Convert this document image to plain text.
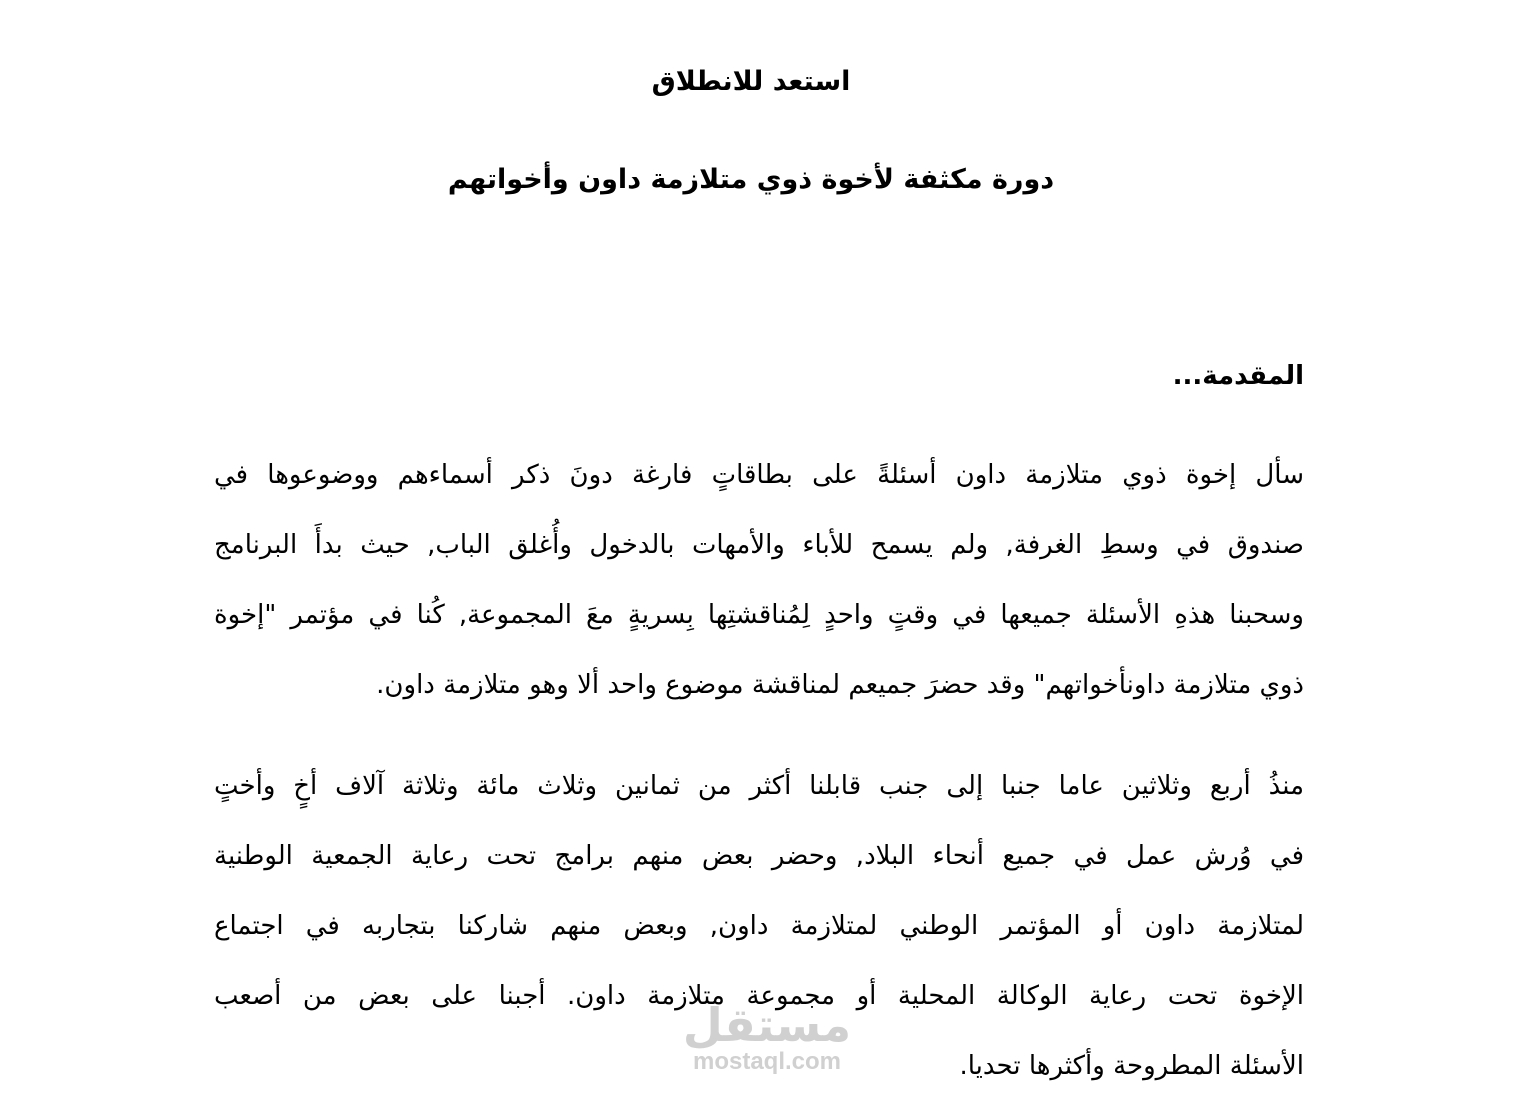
استعد للانطلاق
دورة مكثفة لأخوة ذوي متلازمة داون وأخواتهم
المقدمة...

سأل إخوة ذوي متلازمة داون أسئلةً على بطاقاتٍ فارغة دونَ ذكر أسماءهم ووضوعوها في
صندوق في وسطِ الغرفة, ولم يسمح للأباء والأمهات بالدخول وأُغلق الباب, حيث بدأَ البرنامج
وسحبنا هذهِ الأسئلة جميعها في وقتٍ واحدٍ لِمُناقشتِها بِسريةٍ معَ المجموعة, كُنا في مؤتمر "إخوة
ذوي متلازمة داونأخواتهم" وقد حضرَ جميعم لمناقشة موضوع واحد ألا وهو متلازمة داون.

منذُ أربع وثلاثين عاما جنبا إلى جنب قابلنا أكثر من ثمانين وثلاث مائة وثلاثة آلاف أخٍ وأختٍ
في وُرش عمل في جميع أنحاء البلاد, وحضر بعض منهم برامج تحت رعاية الجمعية الوطنية
لمتلازمة داون أو المؤتمر الوطني لمتلازمة داون, وبعض منهم شاركنا بتجاربه في اجتماع
الإخوة تحت رعاية الوكالة المحلية أو مجموعة متلازمة داون. أجبنا على بعض من أصعب
الأسئلة المطروحة وأكثرها تحديا.

مستقل
mostaql.com
